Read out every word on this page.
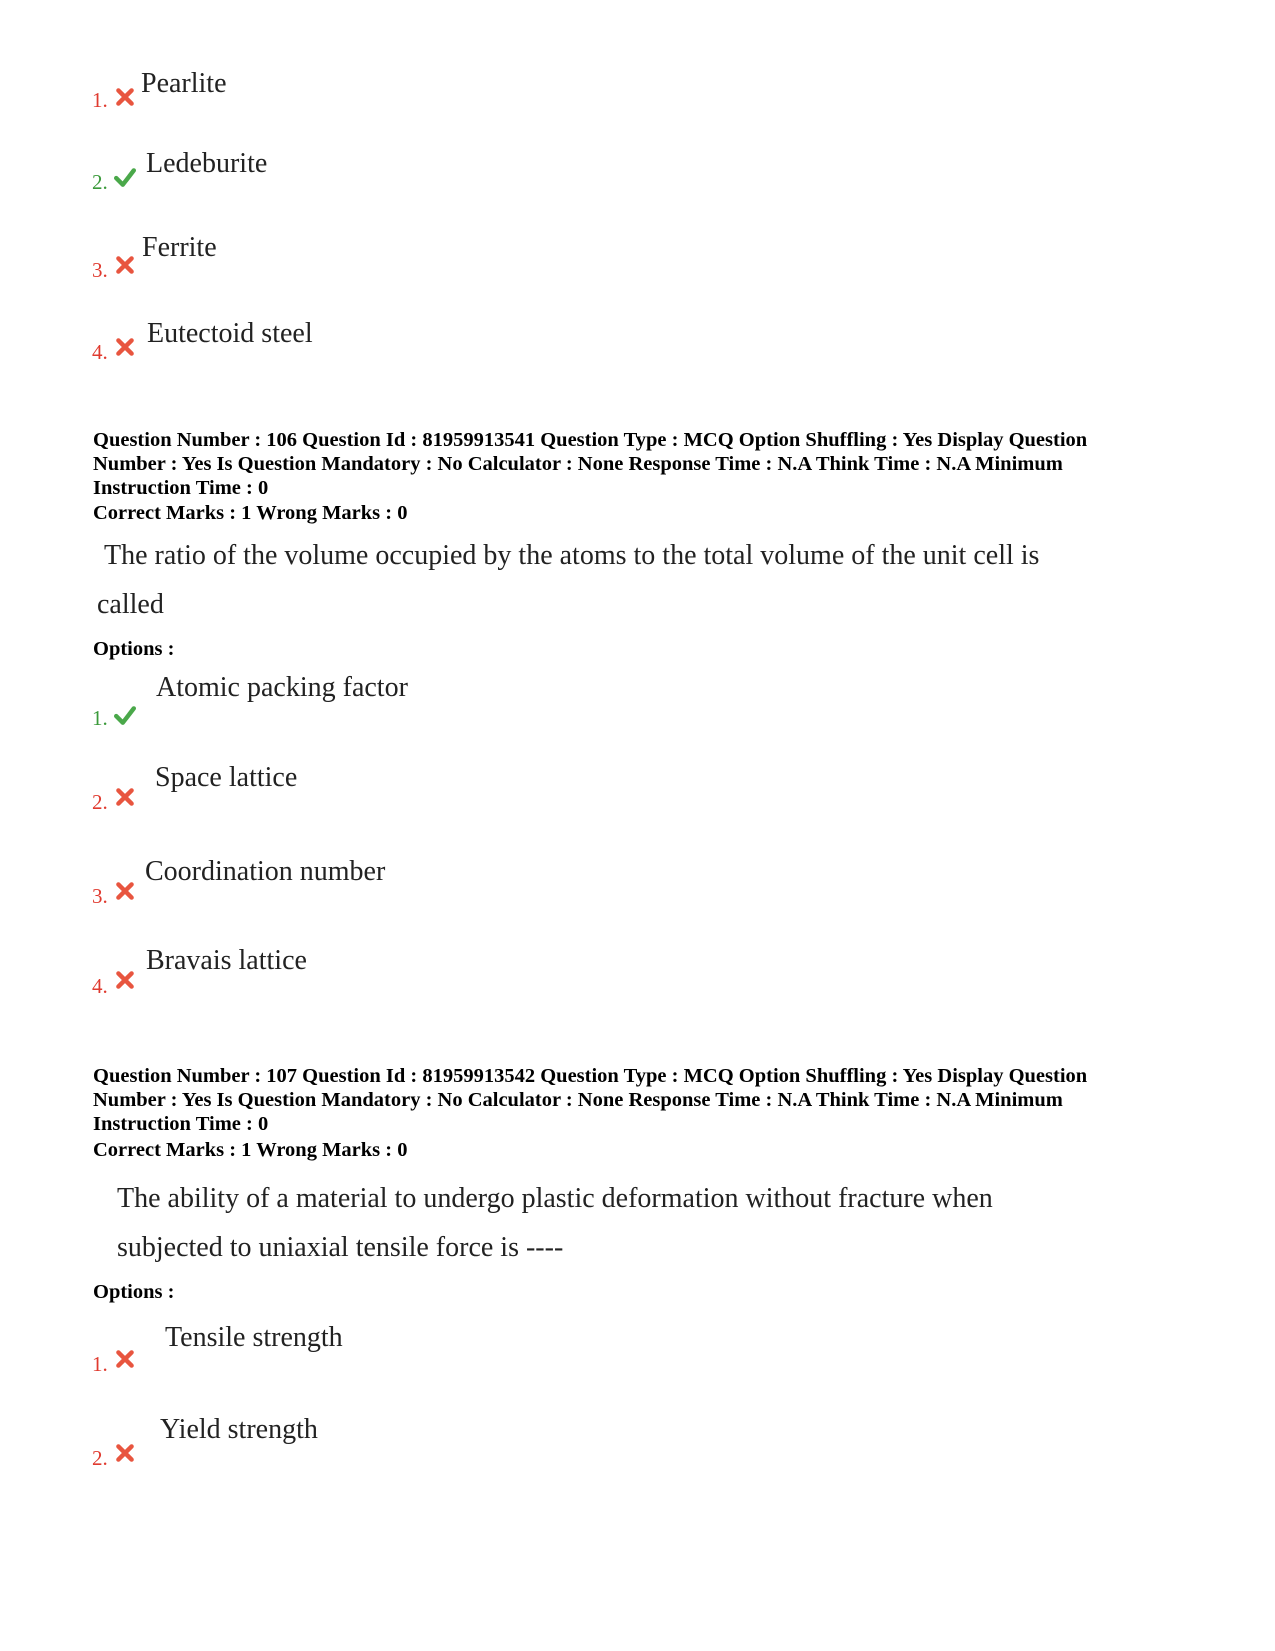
1.
Pearlite
2.
Ledeburite
3.
Ferrite
4.
Eutectoid steel
Question Number : 106 Question Id : 81959913541 Question Type : MCQ Option Shuffling : Yes Display Question
Number : Yes Is Question Mandatory : No Calculator : None Response Time : N.A Think Time : N.A Minimum
Instruction Time : 0
Correct Marks : 1 Wrong Marks : 0
The ratio of the volume occupied by the atoms to the total volume of the unit cell is
called
Options :
1.
Atomic packing factor
2.
Space lattice
3.
Coordination number
4.
Bravais lattice
Question Number : 107 Question Id : 81959913542 Question Type : MCQ Option Shuffling : Yes Display Question
Number : Yes Is Question Mandatory : No Calculator : None Response Time : N.A Think Time : N.A Minimum
Instruction Time : 0
Correct Marks : 1 Wrong Marks : 0
The ability of a material to undergo plastic deformation without fracture when
subjected to uniaxial tensile force is ----
Options :
1.
Tensile strength
2.
Yield strength
